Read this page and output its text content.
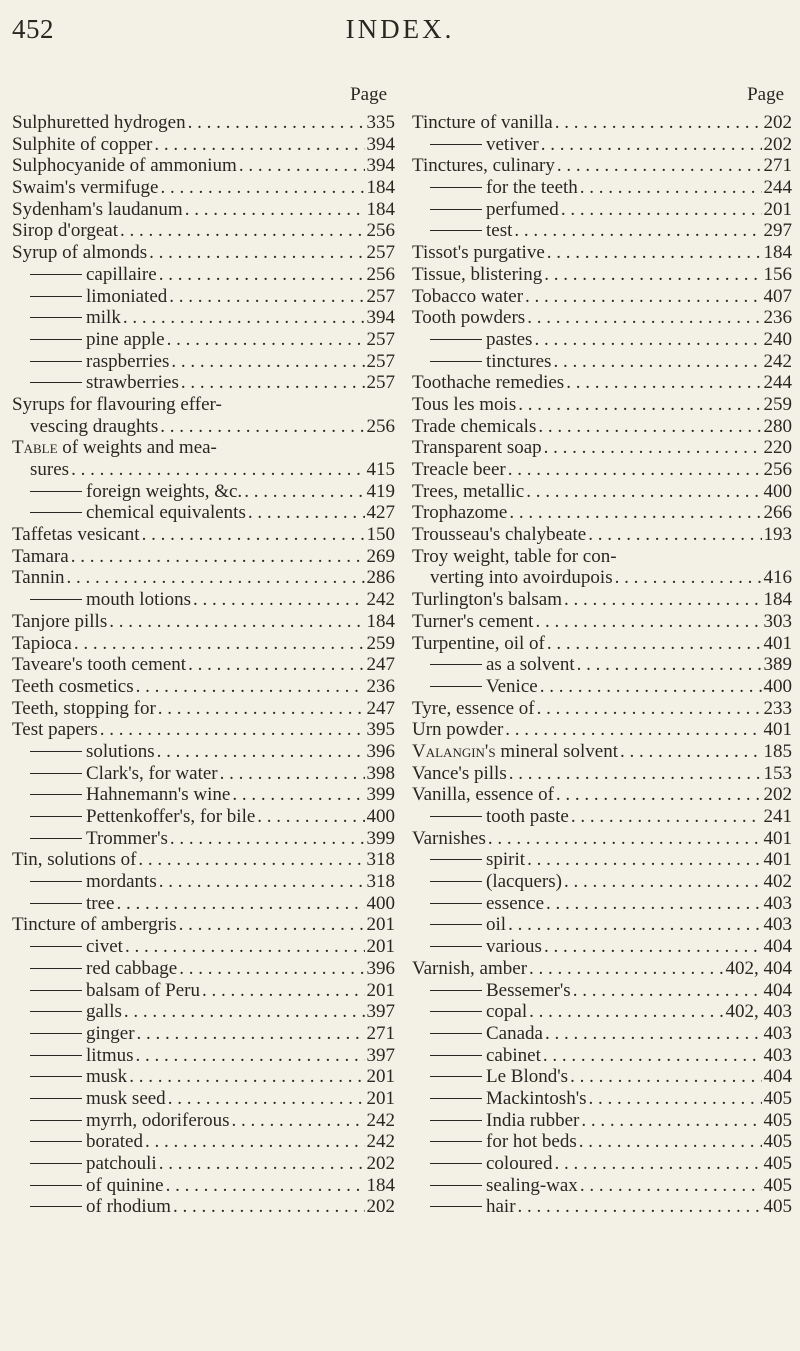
452	INDEX.
Page
Sulphuretted hydrogen . . .	335
Sulphite of copper . . .	394
Sulphocyanide of ammonium . . .	394
Swaim's vermifuge . . .	184
Sydenham's laudanum . . .	184
Sirop d'orgeat . . .	256
Syrup of almonds . . .	257
capillaire . . .	256
limoniated . . .	257
milk . . .	394
pine apple . . .	257
raspberries . . .	257
strawberries . . .	257
Syrups for flavouring effer-
vescing draughts . . .	256
Table of weights and mea-
sures . . .	415
foreign weights, &c. . . .	419
chemical equivalents . . .	427
Taffetas vesicant . . .	150
Tamara . . .	269
Tannin . . .	286
mouth lotions . . .	242
Tanjore pills . . .	184
Tapioca . . .	259
Taveare's tooth cement . . .	247
Teeth cosmetics . . .	236
Teeth, stopping for . . .	247
Test papers . . .	395
solutions . . .	396
Clark's, for water . . .	398
Hahnemann's wine . . .	399
Pettenkoffer's, for bile . . .	400
Trommer's . . .	399
Tin, solutions of . . .	318
mordants . . .	318
tree . . .	400
Tincture of ambergris . . .	201
civet . . .	201
red cabbage . . .	396
balsam of Peru . . .	201
galls . . .	397
ginger . . .	271
litmus . . .	397
musk . . .	201
musk seed . . .	201
myrrh, odoriferous . . .	242
borated . . .	242
patchouli . . .	202
of quinine . . .	184
of rhodium . . .	202
Page
Tincture of vanilla . . .	202
vetiver . . .	202
Tinctures, culinary . . .	271
for the teeth . . .	244
perfumed . . .	201
test . . .	297
Tissot's purgative . . .	184
Tissue, blistering . . .	156
Tobacco water . . .	407
Tooth powders . . .	236
pastes . . .	240
tinctures . . .	242
Toothache remedies . . .	244
Tous les mois . . .	259
Trade chemicals . . .	280
Transparent soap . . .	220
Treacle beer . . .	256
Trees, metallic . . .	400
Trophazome . . .	266
Trousseau's chalybeate . . .	193
Troy weight, table for con-
verting into avoirdupois . . .	416
Turlington's balsam . . .	184
Turner's cement . . .	303
Turpentine, oil of . . .	401
as a solvent . . .	389
Venice . . .	400
Tyre, essence of . . .	233
Urn powder . . .	401
Valangin's mineral solvent . . .	185
Vance's pills . . .	153
Vanilla, essence of . . .	202
tooth paste . . .	241
Varnishes . . .	401
spirit . . .	401
(lacquers) . . .	402
essence . . .	403
oil . . .	403
various . . .	404
Varnish, amber . . .	402, 404
Bessemer's . . .	404
copal . . .	402, 403
Canada . . .	403
cabinet . . .	403
Le Blond's . . .	404
Mackintosh's . . .	405
India rubber . . .	405
for hot beds . . .	405
coloured . . .	405
sealing-wax . . .	405
hair . . .	405
